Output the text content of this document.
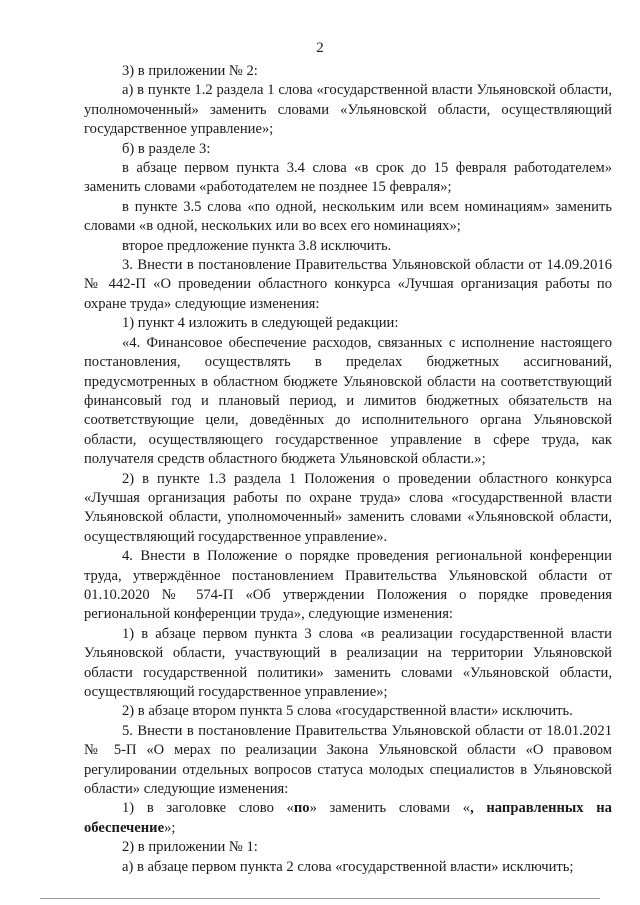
2

3) в приложении № 2:

а) в пункте 1.2 раздела 1 слова «государственной власти Ульяновской области, уполномоченный» заменить словами «Ульяновской области, осуществляющий государственное управление»;

б) в разделе 3:

в абзаце первом пункта 3.4 слова «в срок до 15 февраля работодателем» заменить словами «работодателем не позднее 15 февраля»;

в пункте 3.5 слова «по одной, нескольким или всем номинациям» заменить словами «в одной, нескольких или во всех его номинациях»;

второе предложение пункта 3.8 исключить.

3. Внести в постановление Правительства Ульяновской области от 14.09.2016 № 442-П «О проведении областного конкурса «Лучшая организация работы по охране труда» следующие изменения:

1) пункт 4 изложить в следующей редакции:

«4. Финансовое обеспечение расходов, связанных с исполнение настоящего постановления, осуществлять в пределах бюджетных ассигнований, предусмотренных в областном бюджете Ульяновской области на соответствующий финансовый год и плановый период, и лимитов бюджетных обязательств на соответствующие цели, доведённых до исполнительного органа Ульяновской области, осуществляющего государственное управление в сфере труда, как получателя средств областного бюджета Ульяновской области.»;

2) в пункте 1.3 раздела 1 Положения о проведении областного конкурса «Лучшая организация работы по охране труда» слова «государственной власти Ульяновской области, уполномоченный» заменить словами «Ульяновской области, осуществляющий государственное управление».

4. Внести в Положение о порядке проведения региональной конференции труда, утверждённое постановлением Правительства Ульяновской области от 01.10.2020 № 574-П «Об утверждении Положения о порядке проведения региональной конференции труда», следующие изменения:

1) в абзаце первом пункта 3 слова «в реализации государственной власти Ульяновской области, участвующий в реализации на территории Ульяновской области государственной политики» заменить словами «Ульяновской области, осуществляющий государственное управление»;

2) в абзаце втором пункта 5 слова «государственной власти» исключить.

5. Внести в постановление Правительства Ульяновской области от 18.01.2021 № 5-П «О мерах по реализации Закона Ульяновской области «О правовом регулировании отдельных вопросов статуса молодых специалистов в Ульяновской области» следующие изменения:

1) в заголовке слово «по» заменить словами «, направленных на обеспечение»;

2) в приложении № 1:

а) в абзаце первом пункта 2 слова «государственной власти» исключить;
